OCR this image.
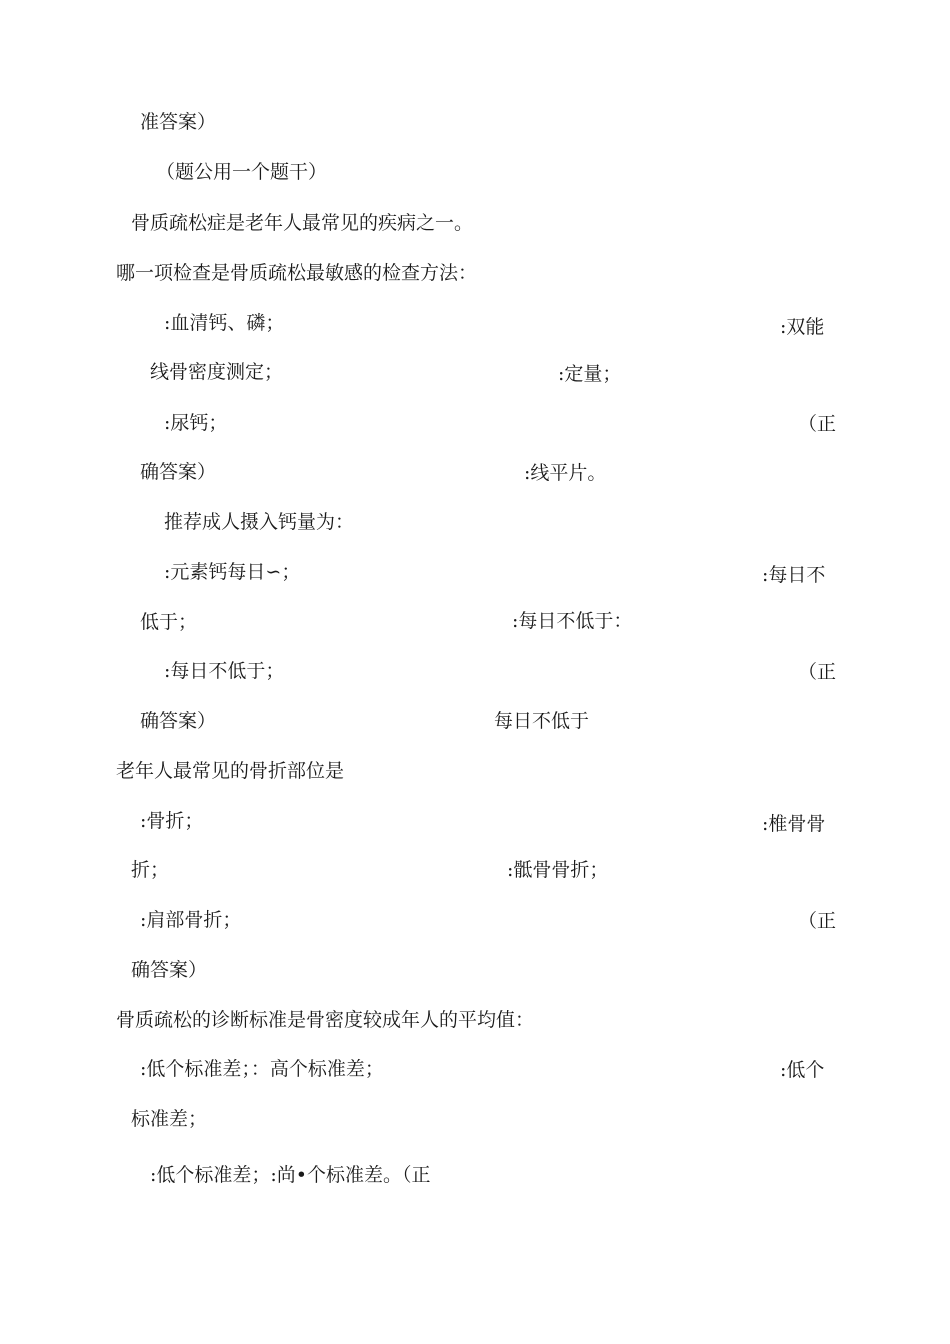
准答案）
（题公用一个题干）
骨质疏松症是老年人最常见的疾病之一。
哪一项检查是骨质疏松最敏感的检查方法：
:血清钙、磷；	:双能
线骨密度测定；	:定量；
:尿钙；	（正
确答案）	:线平片。
推荐成人摄入钙量为：
:元素钙每日∽；	:每日不
低于；	:每日不低于：
:每日不低于；	（正
确答案）	每日不低于
老年人最常见的骨折部位是
:骨折；	:椎骨骨
折；	:骶骨骨折；
:肩部骨折；	（正
确答案）
骨质疏松的诊断标准是骨密度较成年人的平均值：
:低个标准差；：高个标准差；	:低个
标准差；
:低个标准差；:尚•个标准差。（正
